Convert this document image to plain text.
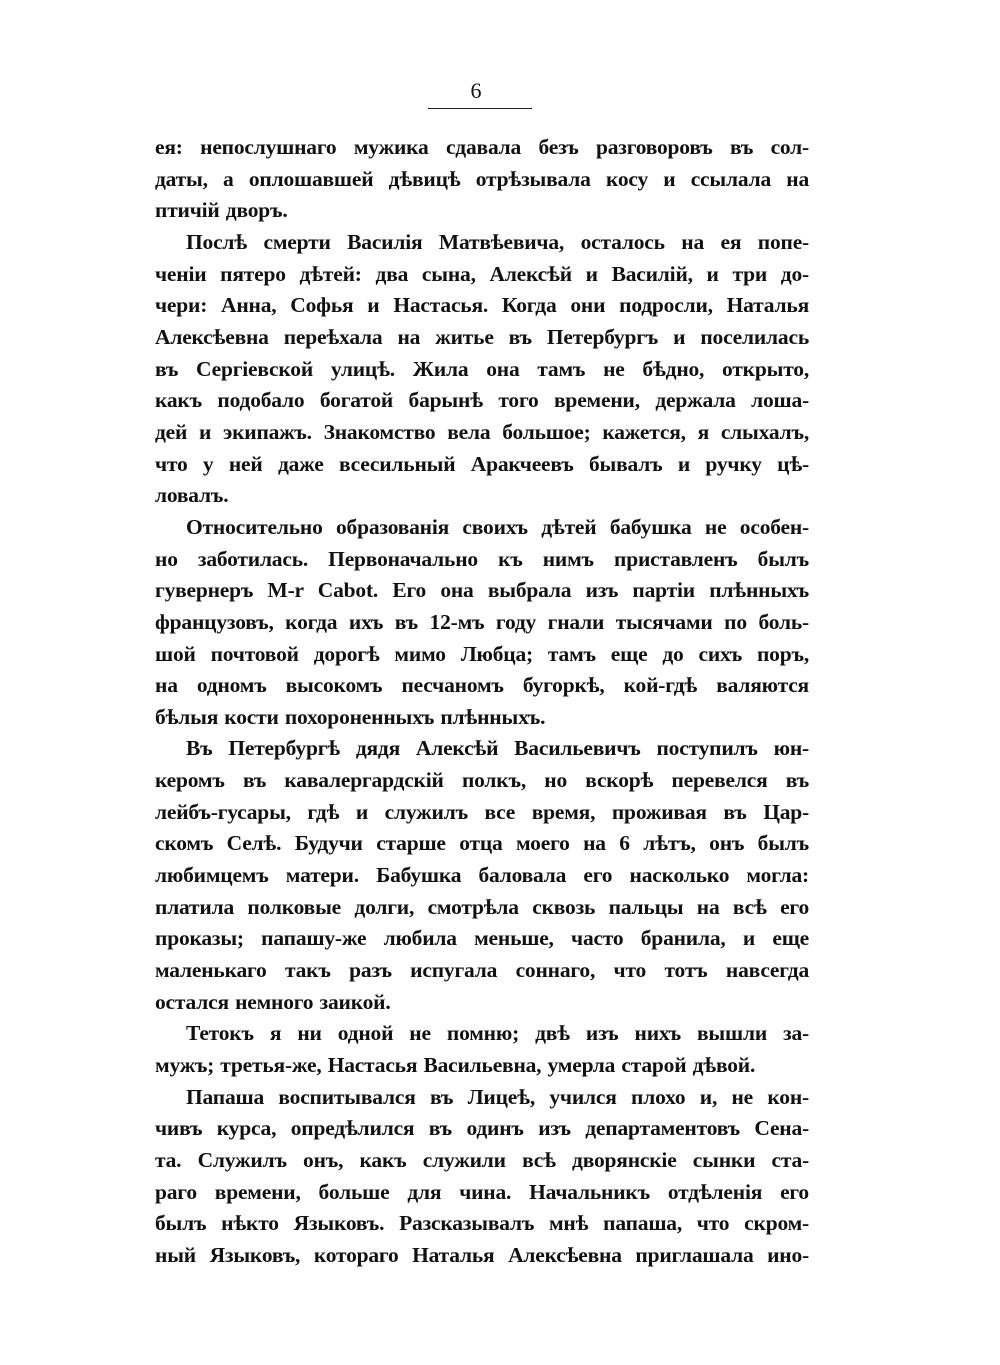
6
ея: непослушнаго мужика сдавала безъ разговоровъ въ сол-
даты, а оплошавшей дѣвицѣ отрѣзывала косу и ссылала на
птичій дворъ.
Послѣ смерти Василія Матвѣевича, осталось на ея попе-
ченіи пятеро дѣтей: два сына, Алексѣй и Василій, и три до-
чери: Анна, Софья и Настасья. Когда они подросли, Наталья
Алексѣевна переѣхала на житье въ Петербургъ и поселилась
въ Сергіевской улицѣ. Жила она тамъ не бѣдно, открыто,
какъ подобало богатой барынѣ того времени, держала лоша-
дей и экипажъ. Знакомство вела большое; кажется, я слыхалъ,
что у ней даже всесильный Аракчеевъ бывалъ и ручку цѣ-
ловалъ.
Относительно образованія своихъ дѣтей бабушка не особен-
но заботилась. Первоначально къ нимъ приставленъ былъ
гувернеръ M-r Cabot. Его она выбрала изъ партіи плѣнныхъ
французовъ, когда ихъ въ 12-мъ году гнали тысячами по боль-
шой почтовой дорогѣ мимо Любца; тамъ еще до сихъ поръ,
на одномъ высокомъ песчаномъ бугоркѣ, кой-гдѣ валяются
бѣлыя кости похороненныхъ плѣнныхъ.
Въ Петербургѣ дядя Алексѣй Васильевичъ поступилъ юн-
керомъ въ кавалергардскій полкъ, но вскорѣ перевелся въ
лейбъ-гусары, гдѣ и служилъ все время, проживая въ Цар-
скомъ Селѣ. Будучи старше отца моего на 6 лѣтъ, онъ былъ
любимцемъ матери. Бабушка баловала его насколько могла:
платила полковые долги, смотрѣла сквозь пальцы на всѣ его
проказы; папашу-же любила меньше, часто бранила, и еще
маленькаго такъ разъ испугала соннаго, что тотъ навсегда
остался немного заикой.
Тетокъ я ни одной не помню; двѣ изъ нихъ вышли за-
мужъ; третья-же, Настасья Васильевна, умерла старой дѣвой.
Папаша воспитывался въ Лицеѣ, учился плохо и, не кон-
чивъ курса, опредѣлился въ одинъ изъ департаментовъ Сена-
та. Служилъ онъ, какъ служили всѣ дворянскіе сынки ста-
раго времени, больше для чина. Начальникъ отдѣленія его
былъ нѣкто Языковъ. Разсказывалъ мнѣ папаша, что скром-
ный Языковъ, котораго Наталья Алексѣевна приглашала ино-
